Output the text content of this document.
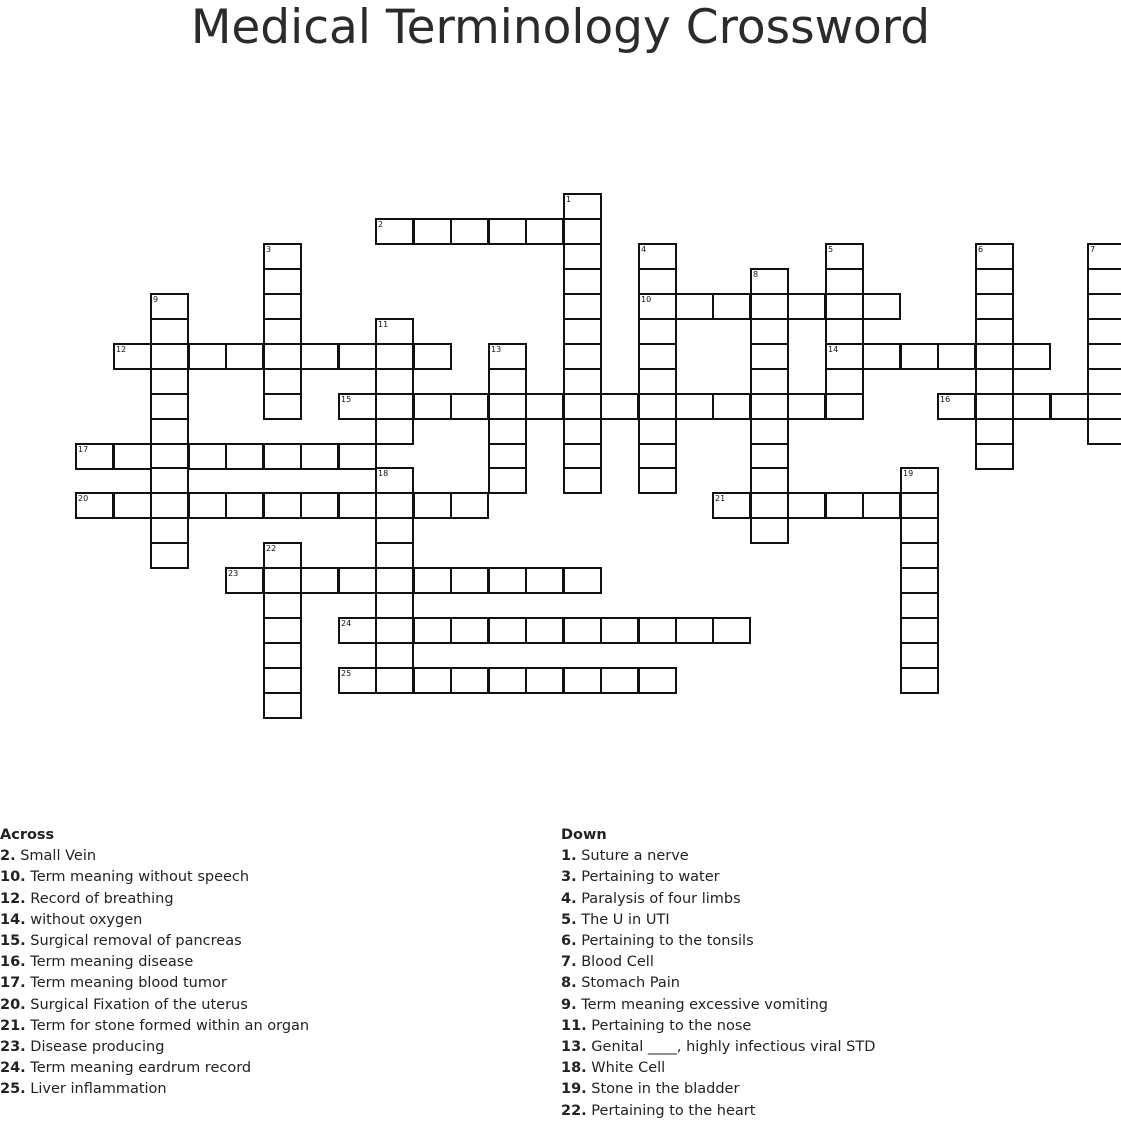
Medical Terminology Crossword
2
10
12	14
15	16
17
20	21
23
24
25
1
3	4	5	6	7
8
9
11
13
18	19
22
Across
2. Small Vein
10. Term meaning without speech
12. Record of breathing
14. without oxygen
15. Surgical removal of pancreas
16. Term meaning disease
17. Term meaning blood tumor
20. Surgical Fixation of the uterus
21. Term for stone formed within an organ
23. Disease producing
24. Term meaning eardrum record
25. Liver inflammation
Down
1. Suture a nerve
3. Pertaining to water
4. Paralysis of four limbs
5. The U in UTI
6. Pertaining to the tonsils
7. Blood Cell
8. Stomach Pain
9. Term meaning excessive vomiting
11. Pertaining to the nose
13. Genital ____, highly infectious viral STD
18. White Cell
19. Stone in the bladder
22. Pertaining to the heart
